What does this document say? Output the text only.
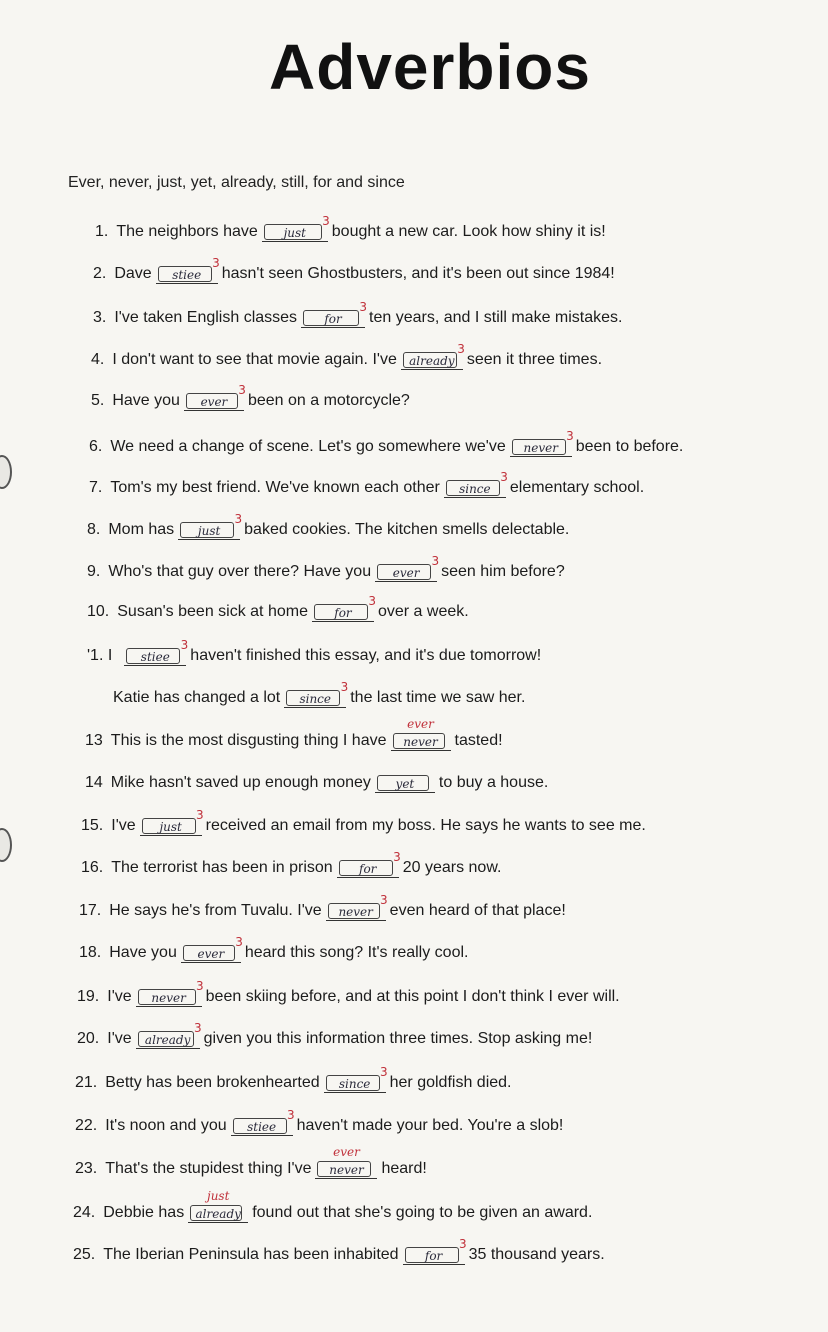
Adverbios
Ever, never, just, yet, already, still, for and since
1. The neighbors have	just
3
bought a new car. Look how shiny it is!
2. Dave	stiee
3
hasn't seen Ghostbusters, and it's been out since 1984!
3. I've taken English classes	for
3
ten years, and I still make mistakes.
4. I don't want to see that movie again. I've already
3
seen it three times.
5. Have you	ever
3
been on a motorcycle?
6. We need a change of scene. Let's go somewhere we've	never
3
been to before.
7. Tom's my best friend. We've known each other	since
3
elementary school.
8. Mom has	just
3
baked cookies. The kitchen smells delectable.
9. Who's that guy over there? Have you	ever
3
seen him before?
10. Susan's been sick at home	for
3
over a week.
'1. I	stiee
3
haven't finished this essay, and it's due tomorrow!
Katie has changed a lot	since
3
the last time we saw her.
13 This is the most disgusting thing I have	never
ever
tasted!
14 Mike hasn't saved up enough money	yet	to buy a house.
15. I've	just
3
received an email from my boss. He says he wants to see me.
16. The terrorist has been in prison	for
3
20 years now.
17. He says he's from Tuvalu. I've	never
3
even heard of that place!
18. Have you	ever
3
heard this song? It's really cool.
19. I've	never
3
been skiing before, and at this point I don't think I ever will.
20. I've already
3
given you this information three times. Stop asking me!
21. Betty has been brokenhearted	since
3
her goldfish died.
22. It's noon and you	stiee
3
haven't made your bed. You're a slob!
23. That's the stupidest thing I've	never
ever
heard!
24. Debbie has already
just
found out that she's going to be given an award.
25. The Iberian Peninsula has been inhabited	for
3
35 thousand years.
